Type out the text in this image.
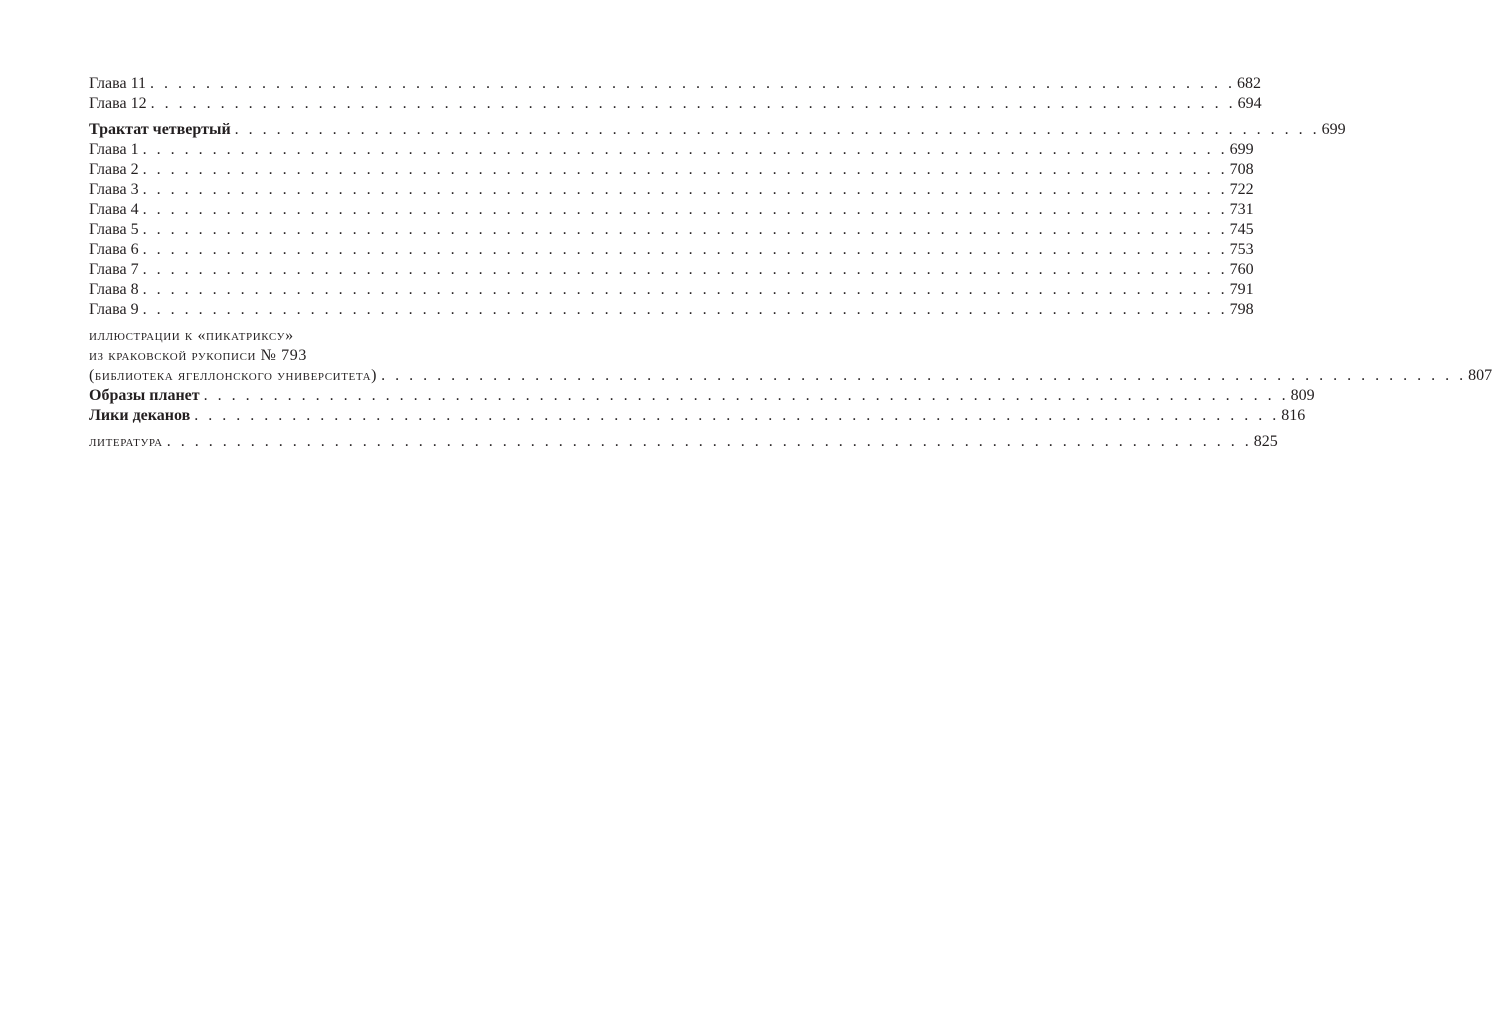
Глава 11 . . . . . . . . . . . . . . . . . . . . . . . . . . . . . . . . . . . . . . . . . . . . . . . . . . . . . . . . . . . . . . . . . . . . . . . . . . . . . . 682
Глава 12 . . . . . . . . . . . . . . . . . . . . . . . . . . . . . . . . . . . . . . . . . . . . . . . . . . . . . . . . . . . . . . . . . . . . . . . . . . . . . . 694
Трактат четвертый . . . . . . . . . . . . . . . . . . . . . . . . . . . . . . . . . . . . . . . . . . . . . . . . . . . . . . . . . . . . . . . . . . . . . . . . . . . . . . 699
Глава 1 . . . . . . . . . . . . . . . . . . . . . . . . . . . . . . . . . . . . . . . . . . . . . . . . . . . . . . . . . . . . . . . . . . . . . . . . . . . . . . 699
Глава 2 . . . . . . . . . . . . . . . . . . . . . . . . . . . . . . . . . . . . . . . . . . . . . . . . . . . . . . . . . . . . . . . . . . . . . . . . . . . . . . 708
Глава 3 . . . . . . . . . . . . . . . . . . . . . . . . . . . . . . . . . . . . . . . . . . . . . . . . . . . . . . . . . . . . . . . . . . . . . . . . . . . . . . 722
Глава 4 . . . . . . . . . . . . . . . . . . . . . . . . . . . . . . . . . . . . . . . . . . . . . . . . . . . . . . . . . . . . . . . . . . . . . . . . . . . . . . 731
Глава 5 . . . . . . . . . . . . . . . . . . . . . . . . . . . . . . . . . . . . . . . . . . . . . . . . . . . . . . . . . . . . . . . . . . . . . . . . . . . . . . 745
Глава 6 . . . . . . . . . . . . . . . . . . . . . . . . . . . . . . . . . . . . . . . . . . . . . . . . . . . . . . . . . . . . . . . . . . . . . . . . . . . . . . 753
Глава 7 . . . . . . . . . . . . . . . . . . . . . . . . . . . . . . . . . . . . . . . . . . . . . . . . . . . . . . . . . . . . . . . . . . . . . . . . . . . . . . 760
Глава 8 . . . . . . . . . . . . . . . . . . . . . . . . . . . . . . . . . . . . . . . . . . . . . . . . . . . . . . . . . . . . . . . . . . . . . . . . . . . . . . 791
Глава 9 . . . . . . . . . . . . . . . . . . . . . . . . . . . . . . . . . . . . . . . . . . . . . . . . . . . . . . . . . . . . . . . . . . . . . . . . . . . . . . 798
иллюстрации к «пикатриксу»
из краковской рукописи № 793
(библиотека ягеллонского университета) . . . . . . . . . . . . . . . . . . . . . . . . . . . . . . . . . . . . . . . . . . . . . . . . . . . . . . . . . . . . . . . . . . . . . . . . . . . . . . 807
Образы планет . . . . . . . . . . . . . . . . . . . . . . . . . . . . . . . . . . . . . . . . . . . . . . . . . . . . . . . . . . . . . . . . . . . . . . . . . . . . . . 809
Лики деканов . . . . . . . . . . . . . . . . . . . . . . . . . . . . . . . . . . . . . . . . . . . . . . . . . . . . . . . . . . . . . . . . . . . . . . . . . . . . . . 816
литература . . . . . . . . . . . . . . . . . . . . . . . . . . . . . . . . . . . . . . . . . . . . . . . . . . . . . . . . . . . . . . . . . . . . . . . . . . . . . . 825
